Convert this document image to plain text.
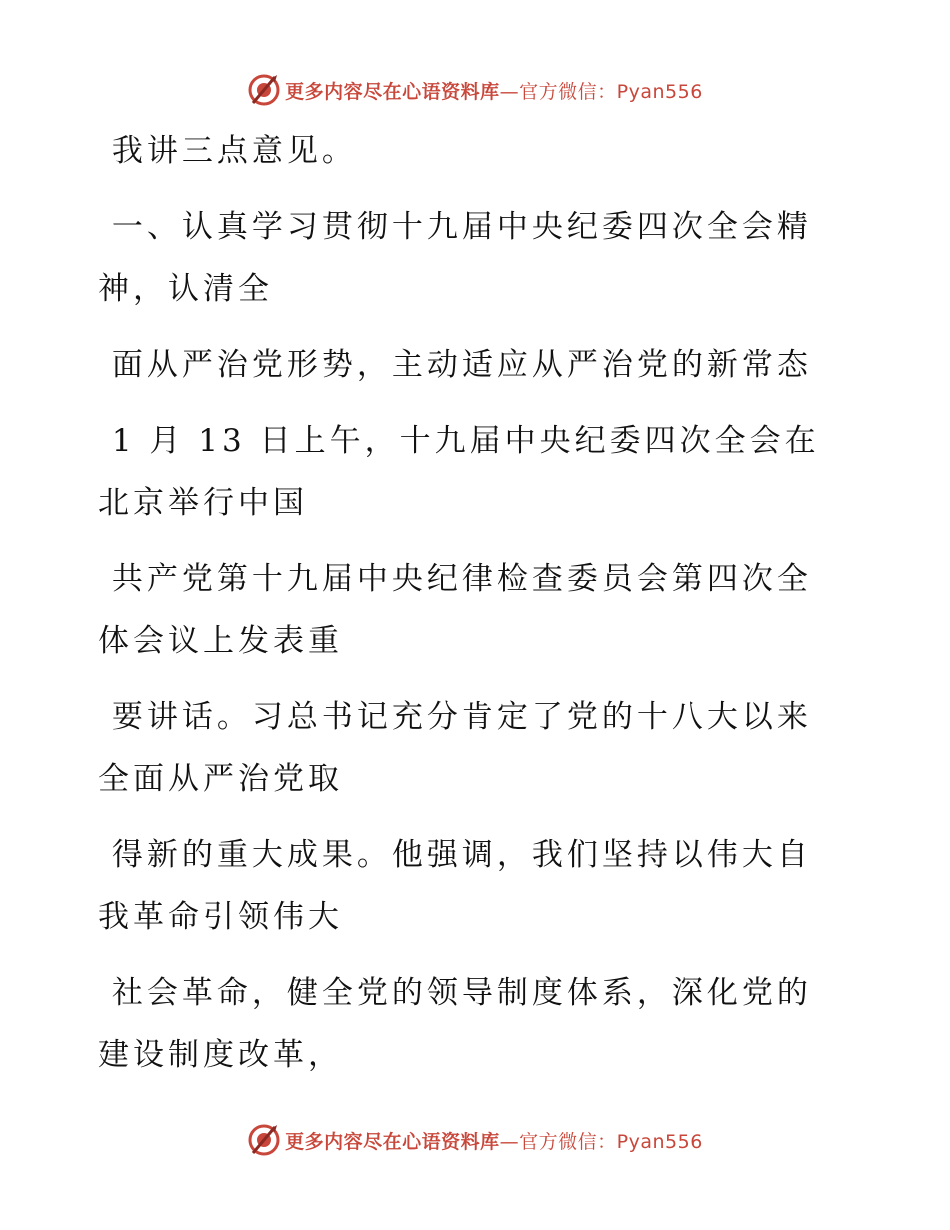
更多内容尽在心语资料库—官方微信：Pyan556

我讲三点意见。

一、认真学习贯彻十九届中央纪委四次全会精神，认清全

面从严治党形势，主动适应从严治党的新常态

1 月 13 日上午，十九届中央纪委四次全会在北京举行中国

共产党第十九届中央纪律检查委员会第四次全体会议上发表重

要讲话。习总书记充分肯定了党的十八大以来全面从严治党取

得新的重大成果。他强调，我们坚持以伟大自我革命引领伟大

社会革命，健全党的领导制度体系，深化党的建设制度改革，

更多内容尽在心语资料库—官方微信：Pyan556
